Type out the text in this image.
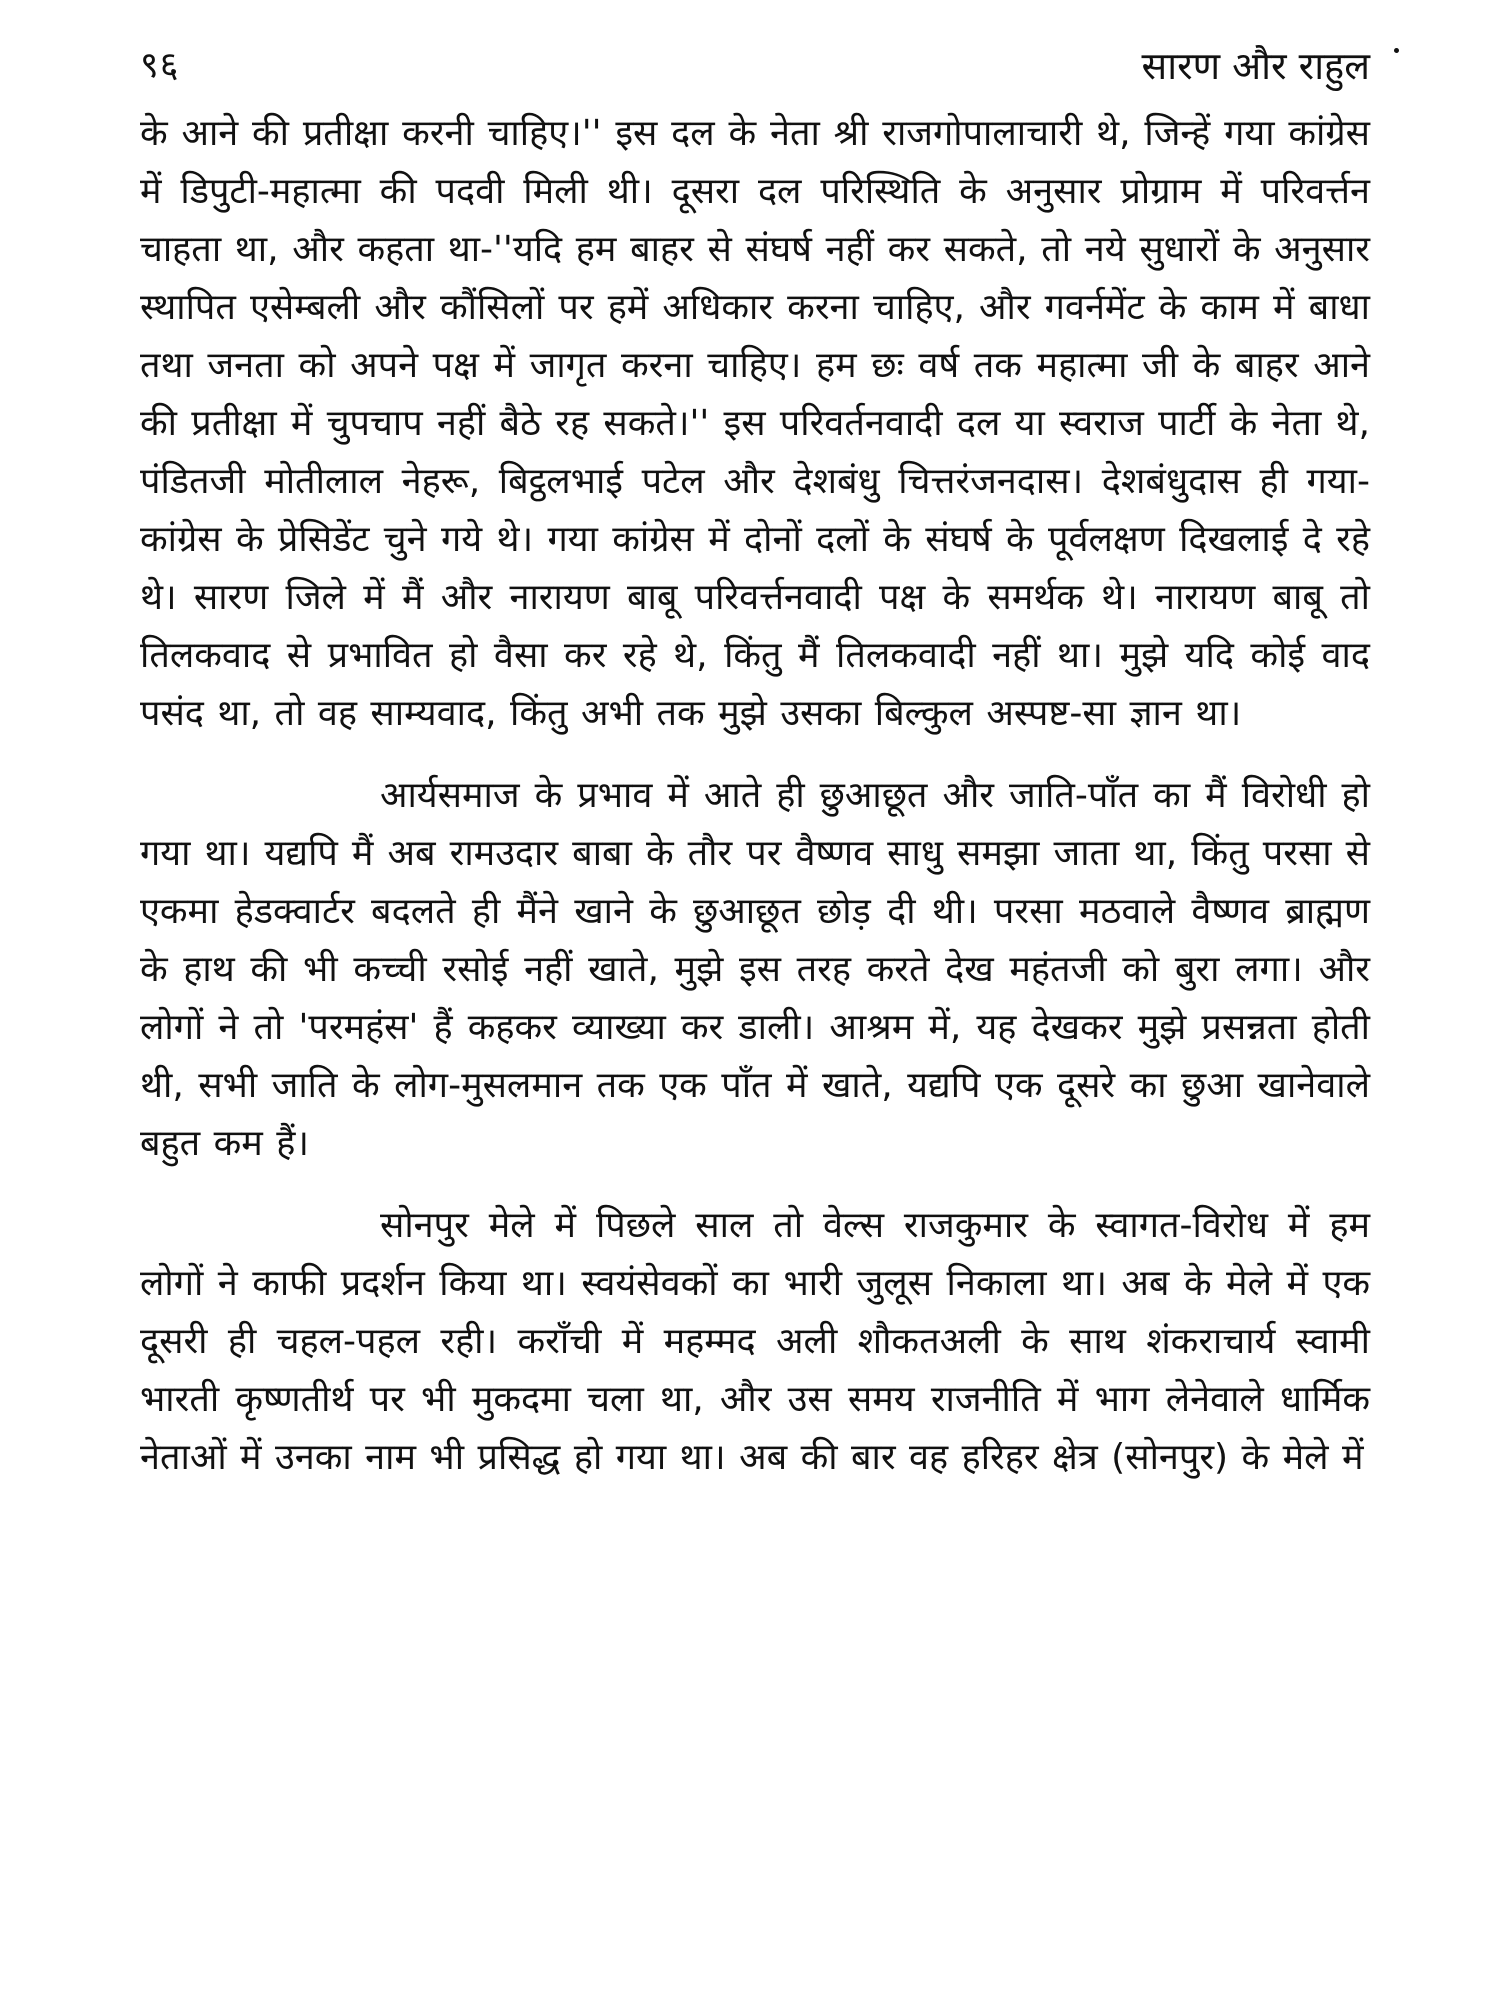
९६	सारण और राहुल

के आने की प्रतीक्षा करनी चाहिए।'' इस दल के नेता श्री राजगोपालाचारी थे, जिन्हें गया कांग्रेस में डिपुटी-महात्मा की पदवी मिली थी। दूसरा दल परिस्थिति के अनुसार प्रोग्राम में परिवर्त्तन चाहता था, और कहता था-''यदि हम बाहर से संघर्ष नहीं कर सकते, तो नये सुधारों के अनुसार स्थापित एसेम्बली और कौंसिलों पर हमें अधिकार करना चाहिए, और गवर्नमेंट के काम में बाधा तथा जनता को अपने पक्ष में जागृत करना चाहिए। हम छः वर्ष तक महात्मा जी के बाहर आने की प्रतीक्षा में चुपचाप नहीं बैठे रह सकते।'' इस परिवर्तनवादी दल या स्वराज पार्टी के नेता थे, पंडितजी मोतीलाल नेहरू, बिट्ठलभाई पटेल और देशबंधु चित्तरंजनदास। देशबंधुदास ही गया-कांग्रेस के प्रेसिडेंट चुने गये थे। गया कांग्रेस में दोनों दलों के संघर्ष के पूर्वलक्षण दिखलाई दे रहे थे। सारण जिले में मैं और नारायण बाबू परिवर्त्तनवादी पक्ष के समर्थक थे। नारायण बाबू तो तिलकवाद से प्रभावित हो वैसा कर रहे थे, किंतु मैं तिलकवादी नहीं था। मुझे यदि कोई वाद पसंद था, तो वह साम्यवाद, किंतु अभी तक मुझे उसका बिल्कुल अस्पष्ट-सा ज्ञान था।

आर्यसमाज के प्रभाव में आते ही छुआछूत और जाति-पाँत का मैं विरोधी हो गया था। यद्यपि मैं अब रामउदार बाबा के तौर पर वैष्णव साधु समझा जाता था, किंतु परसा से एकमा हेडक्वार्टर बदलते ही मैंने खाने के छुआछूत छोड़ दी थी। परसा मठवाले वैष्णव ब्राह्मण के हाथ की भी कच्ची रसोई नहीं खाते, मुझे इस तरह करते देख महंतजी को बुरा लगा। और लोगों ने तो 'परमहंस' हैं कहकर व्याख्या कर डाली। आश्रम में, यह देखकर मुझे प्रसन्नता होती थी, सभी जाति के लोग-मुसलमान तक एक पाँत में खाते, यद्यपि एक दूसरे का छुआ खानेवाले बहुत कम हैं।

सोनपुर मेले में पिछले साल तो वेल्स राजकुमार के स्वागत-विरोध में हम लोगों ने काफी प्रदर्शन किया था। स्वयंसेवकों का भारी जुलूस निकाला था। अब के मेले में एक दूसरी ही चहल-पहल रही। कराँची में महम्मद अली शौकतअली के साथ शंकराचार्य स्वामी भारती कृष्णतीर्थ पर भी मुकदमा चला था, और उस समय राजनीति में भाग लेनेवाले धार्मिक नेताओं में उनका नाम भी प्रसिद्ध हो गया था। अब की बार वह हरिहर क्षेत्र (सोनपुर) के मेले में
